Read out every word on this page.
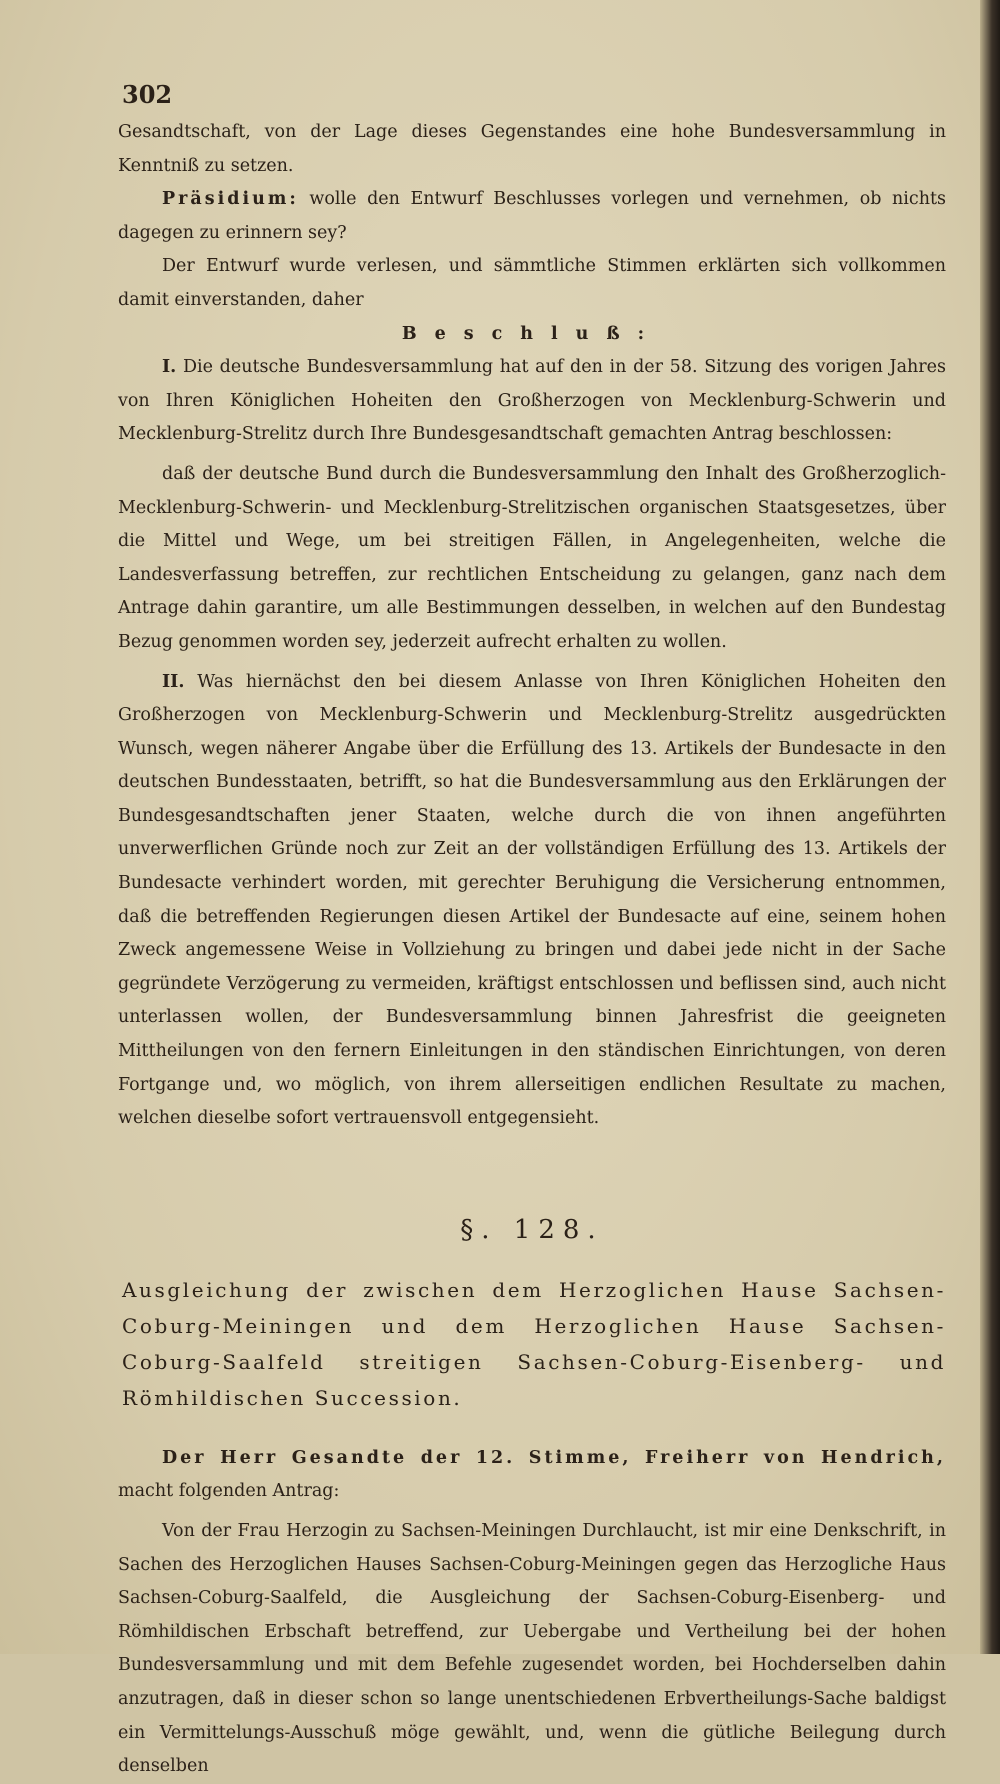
302

Gesandtschaft, von der Lage dieses Gegenstandes eine hohe Bundesversammlung in Kenntniß zu setzen.

Präsidium: wolle den Entwurf Beschlusses vorlegen und vernehmen, ob nichts dagegen zu erinnern sey?

Der Entwurf wurde verlesen, und sämmtliche Stimmen erklärten sich vollkommen damit einverstanden, daher

Beschluß:

I. Die deutsche Bundesversammlung hat auf den in der 58. Sitzung des vorigen Jahres von Ihren Königlichen Hoheiten den Großherzogen von Mecklenburg-Schwerin und Mecklenburg-Strelitz durch Ihre Bundesgesandtschaft gemachten Antrag beschlossen:

daß der deutsche Bund durch die Bundesversammlung den Inhalt des Großherzoglich-Mecklenburg-Schwerin- und Mecklenburg-Strelitzischen organischen Staatsgesetzes, über die Mittel und Wege, um bei streitigen Fällen, in Angelegenheiten, welche die Landesverfassung betreffen, zur rechtlichen Entscheidung zu gelangen, ganz nach dem Antrage dahin garantire, um alle Bestimmungen desselben, in welchen auf den Bundestag Bezug genommen worden sey, jederzeit aufrecht erhalten zu wollen.

II. Was hiernächst den bei diesem Anlasse von Ihren Königlichen Hoheiten den Großherzogen von Mecklenburg-Schwerin und Mecklenburg-Strelitz ausgedrückten Wunsch, wegen näherer Angabe über die Erfüllung des 13. Artikels der Bundesacte in den deutschen Bundesstaaten, betrifft, so hat die Bundesversammlung aus den Erklärungen der Bundesgesandtschaften jener Staaten, welche durch die von ihnen angeführten unverwerflichen Gründe noch zur Zeit an der vollständigen Erfüllung des 13. Artikels der Bundesacte verhindert worden, mit gerechter Beruhigung die Versicherung entnommen, daß die betreffenden Regierungen diesen Artikel der Bundesacte auf eine, seinem hohen Zweck angemessene Weise in Vollziehung zu bringen und dabei jede nicht in der Sache gegründete Verzögerung zu vermeiden, kräftigst entschlossen und beflissen sind, auch nicht unterlassen wollen, der Bundesversammlung binnen Jahresfrist die geeigneten Mittheilungen von den fernern Einleitungen in den ständischen Einrichtungen, von deren Fortgange und, wo möglich, von ihrem allerseitigen endlichen Resultate zu machen, welchen dieselbe sofort vertrauensvoll entgegensieht.

§. 128.
Ausgleichung der zwischen dem Herzoglichen Hause Sachsen-Coburg-Meiningen und dem Herzoglichen Hause Sachsen-Coburg-Saalfeld streitigen Sachsen-Coburg-Eisenberg- und Römhildischen Succession.

Der Herr Gesandte der 12. Stimme, Freiherr von Hendrich, macht folgenden Antrag:

Von der Frau Herzogin zu Sachsen-Meiningen Durchlaucht, ist mir eine Denkschrift, in Sachen des Herzoglichen Hauses Sachsen-Coburg-Meiningen gegen das Herzogliche Haus Sachsen-Coburg-Saalfeld, die Ausgleichung der Sachsen-Coburg-Eisenberg- und Römhildischen Erbschaft betreffend, zur Uebergabe und Vertheilung bei der hohen Bundesversammlung und mit dem Befehle zugesendet worden, bei Hochderselben dahin anzutragen, daß in dieser schon so lange unentschiedenen Erbvertheilungs-Sache baldigst ein Vermittelungs-Ausschuß möge gewählt, und, wenn die gütliche Beilegung durch denselben
